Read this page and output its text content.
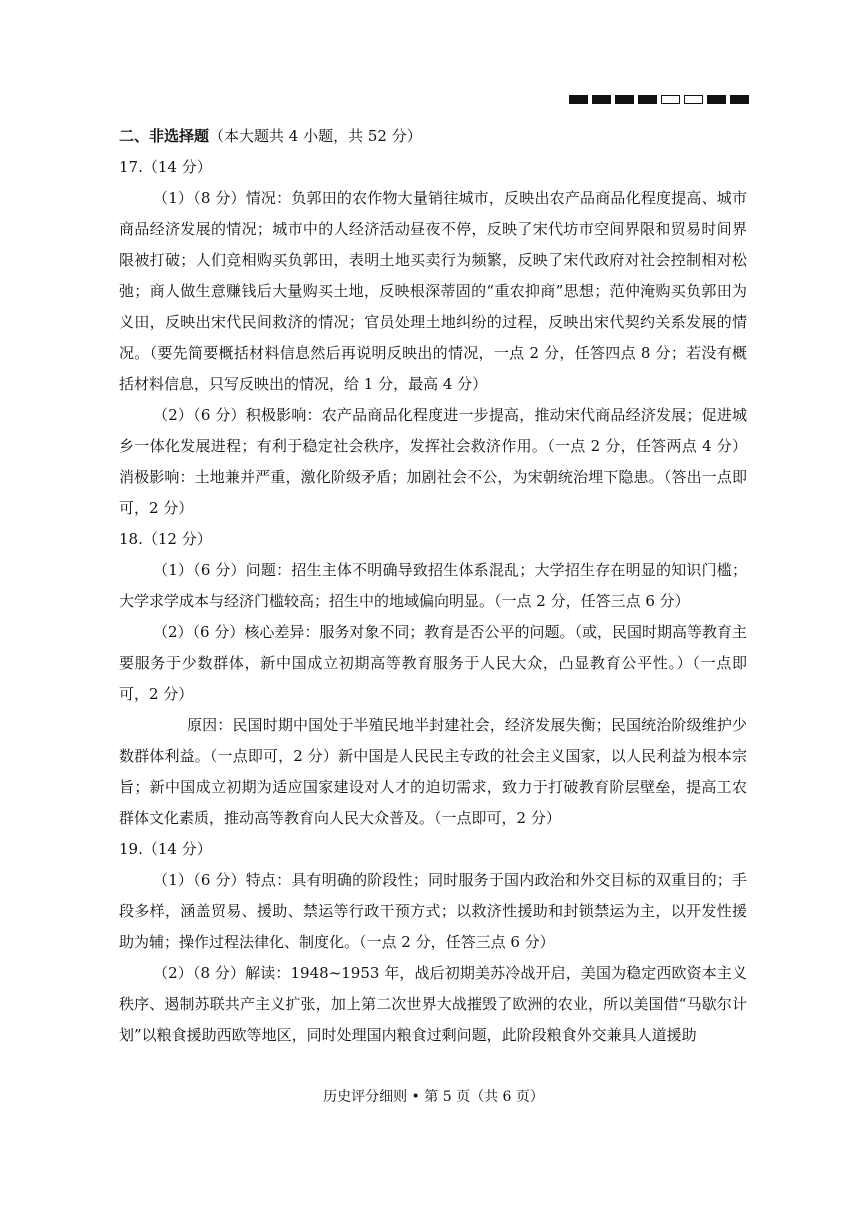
二、非选择题（本大题共 4 小题，共 52 分）
17.（14 分）
（1）（8 分）情况：负郭田的农作物大量销往城市，反映出农产品商品化程度提高、城市商品经济发展的情况；城市中的人经济活动昼夜不停，反映了宋代坊市空间界限和贸易时间界限被打破；人们竞相购买负郭田，表明土地买卖行为频繁，反映了宋代政府对社会控制相对松弛；商人做生意赚钱后大量购买土地，反映根深蒂固的“重农抑商”思想；范仲淹购买负郭田为义田，反映出宋代民间救济的情况；官员处理土地纠纷的过程，反映出宋代契约关系发展的情况。（要先简要概括材料信息然后再说明反映出的情况，一点 2 分，任答四点 8 分；若没有概括材料信息，只写反映出的情况，给 1 分，最高 4 分）
（2）（6 分）积极影响：农产品商品化程度进一步提高，推动宋代商品经济发展；促进城乡一体化发展进程；有利于稳定社会秩序，发挥社会救济作用。（一点 2 分，任答两点 4 分）消极影响：土地兼并严重，激化阶级矛盾；加剧社会不公，为宋朝统治埋下隐患。（答出一点即可，2 分）
18.（12 分）
（1）（6 分）问题：招生主体不明确导致招生体系混乱；大学招生存在明显的知识门槛；大学求学成本与经济门槛较高；招生中的地域偏向明显。（一点 2 分，任答三点 6 分）
（2）（6 分）核心差异：服务对象不同；教育是否公平的问题。（或，民国时期高等教育主要服务于少数群体，新中国成立初期高等教育服务于人民大众，凸显教育公平性。）（一点即可，2 分）
原因：民国时期中国处于半殖民地半封建社会，经济发展失衡；民国统治阶级维护少数群体利益。（一点即可，2 分）新中国是人民民主专政的社会主义国家，以人民利益为根本宗旨；新中国成立初期为适应国家建设对人才的迫切需求，致力于打破教育阶层壁垒，提高工农群体文化素质，推动高等教育向人民大众普及。（一点即可，2 分）
19.（14 分）
（1）（6 分）特点：具有明确的阶段性；同时服务于国内政治和外交目标的双重目的；手段多样，涵盖贸易、援助、禁运等行政干预方式；以救济性援助和封锁禁运为主，以开发性援助为辅；操作过程法律化、制度化。（一点 2 分，任答三点 6 分）
（2）（8 分）解读：1948~1953 年，战后初期美苏冷战开启，美国为稳定西欧资本主义秩序、遏制苏联共产主义扩张，加上第二次世界大战摧毁了欧洲的农业，所以美国借“马歇尔计划”以粮食援助西欧等地区，同时处理国内粮食过剩问题，此阶段粮食外交兼具人道援助
历史评分细则 • 第 5 页（共 6 页）
